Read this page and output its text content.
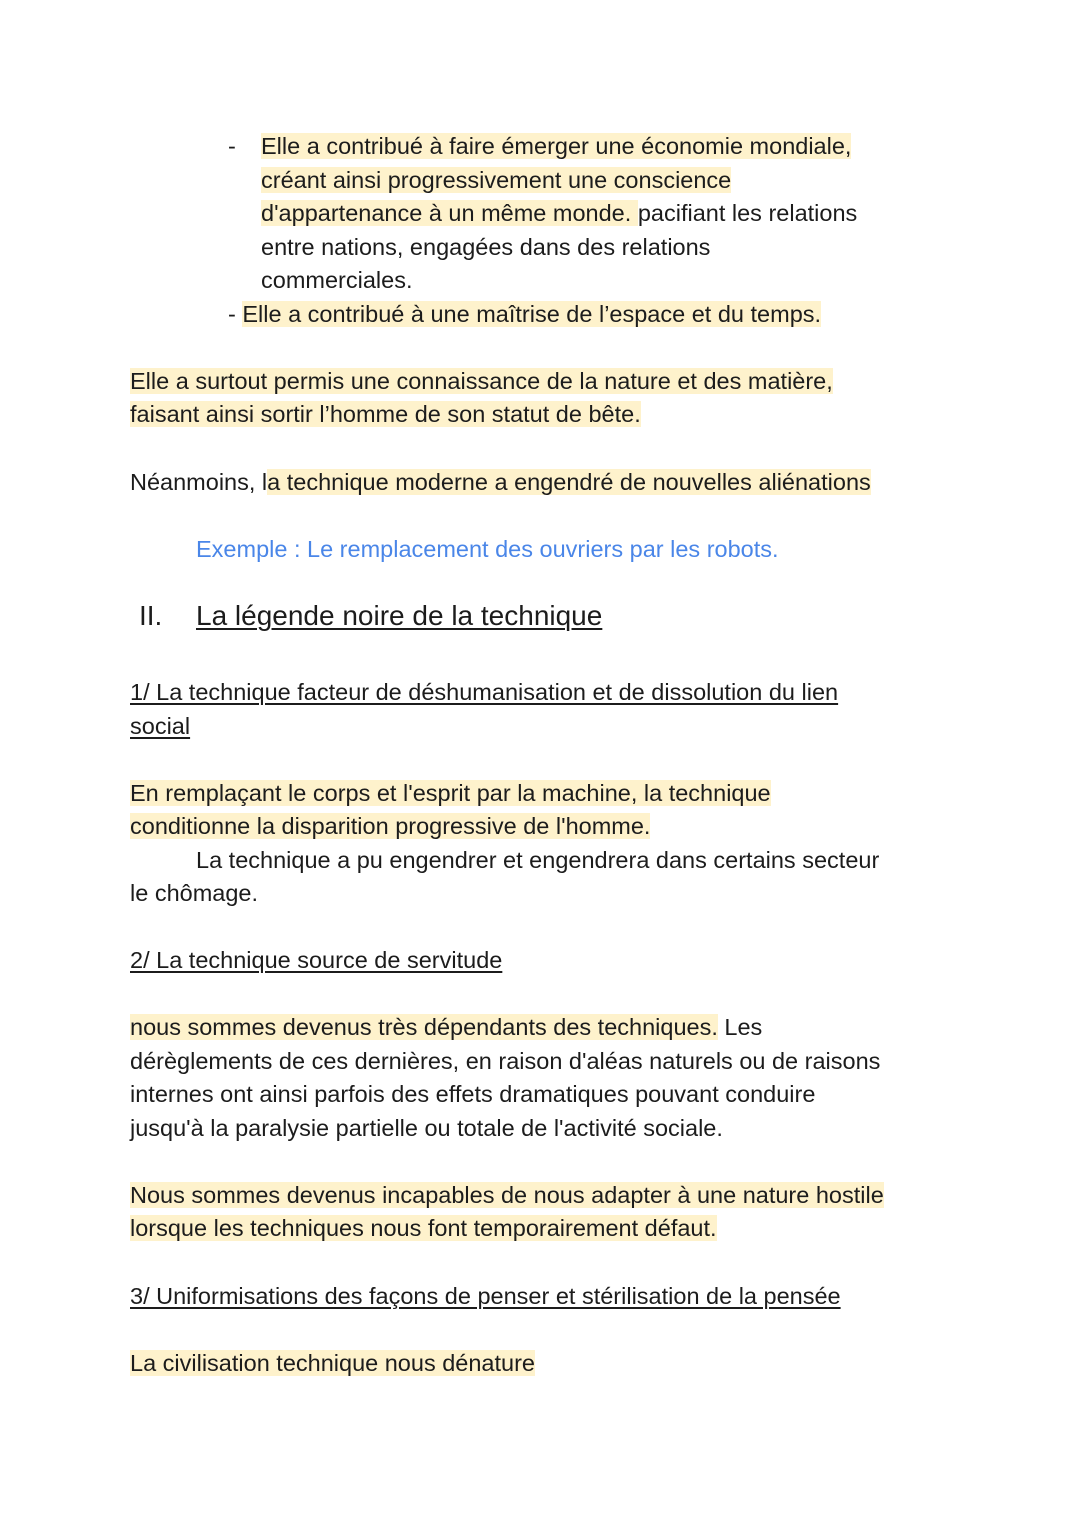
- Elle a contribué à faire émerger une économie mondiale,
créant ainsi progressivement une conscience
d'appartenance à un même monde. pacifiant les relations
entre nations, engagées dans des relations
commerciales.
- Elle a contribué à une maîtrise de l’espace et du temps.
Elle a surtout permis une connaissance de la nature et des matière,
faisant ainsi sortir l’homme de son statut de bête.
Néanmoins, la technique moderne a engendré de nouvelles aliénations
Exemple : Le remplacement des ouvriers par les robots.
II. La légende noire de la technique
1/ La technique facteur de déshumanisation et de dissolution du lien
social
En remplaçant le corps et l'esprit par la machine, la technique
conditionne la disparition progressive de l'homme.
La technique a pu engendrer et engendrera dans certains secteur
le chômage.
2/ La technique source de servitude
nous sommes devenus très dépendants des techniques. Les
dérèglements de ces dernières, en raison d'aléas naturels ou de raisons
internes ont ainsi parfois des effets dramatiques pouvant conduire
jusqu'à la paralysie partielle ou totale de l'activité sociale.
Nous sommes devenus incapables de nous adapter à une nature hostile
lorsque les techniques nous font temporairement défaut.
3/ Uniformisations des façons de penser et stérilisation de la pensée
La civilisation technique nous dénature
